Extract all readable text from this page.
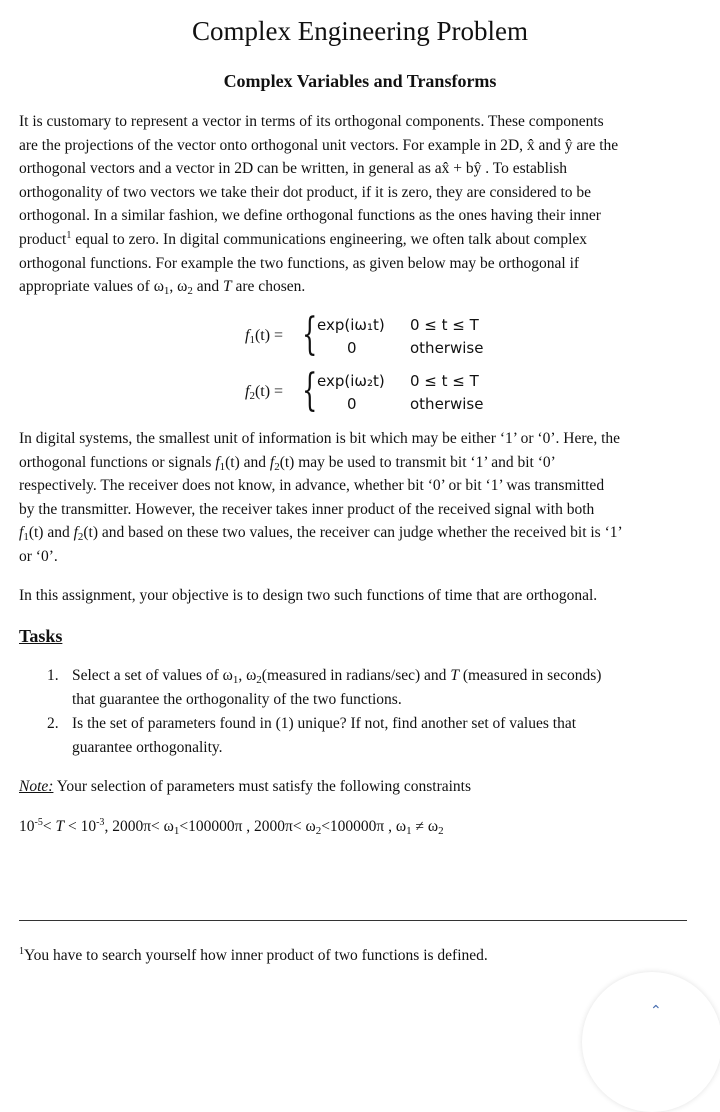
Complex Engineering Problem
Complex Variables and Transforms
It is customary to represent a vector in terms of its orthogonal components. These components
are the projections of the vector onto orthogonal unit vectors. For example in 2D, x̂ and ŷ are the
orthogonal vectors and a vector in 2D can be written, in general as ax̂ + bŷ . To establish
orthogonality of two vectors we take their dot product, if it is zero, they are considered to be
orthogonal. In a similar fashion, we define orthogonal functions as the ones having their inner
product$^1$ equal to zero. In digital communications engineering, we often talk about complex
orthogonal functions. For example the two functions, as given below may be orthogonal if
appropriate values of $\omega_1$, $\omega_2$ and T are chosen.
$f_1(t)$ = { exp(iω₁t)
0
0 ≤ t ≤ T
otherwise
$f_2(t)$ = { exp(iω₂t)
0
0 ≤ t ≤ T
otherwise
In digital systems, the smallest unit of information is bit which may be either ‘1’ or ‘0’. Here, the
orthogonal functions or signals $f_1(t)$ and $f_2(t)$ may be used to transmit bit ‘1’ and bit ‘0’
respectively. The receiver does not know, in advance, whether bit ‘0’ or bit ‘1’ was transmitted
by the transmitter. However, the receiver takes inner product of the received signal with both
$f_1(t)$ and $f_2(t)$ and based on these two values, the receiver can judge whether the received bit is ‘1’
or ‘0’.
In this assignment, your objective is to design two such functions of time that are orthogonal.
Tasks
1. Select a set of values of $\omega_1$, $\omega_2(measured$ in radians/sec) and T (measured in seconds)
that guarantee the orthogonality of the two functions.
2. Is the set of parameters found in (1) unique? If not, find another set of values that
guarantee orthogonality.
Note: Your selection of parameters must satisfy the following constraints
$10^{-5}< T < 10^{-3}$, $2000\pi< \omega_1<100000\pi$ , $2000\pi< \omega_2<100000\pi$ , $\omega_1 \ne \omega_2$
$^1$You have to search yourself how inner product of two functions is defined.
⌃
